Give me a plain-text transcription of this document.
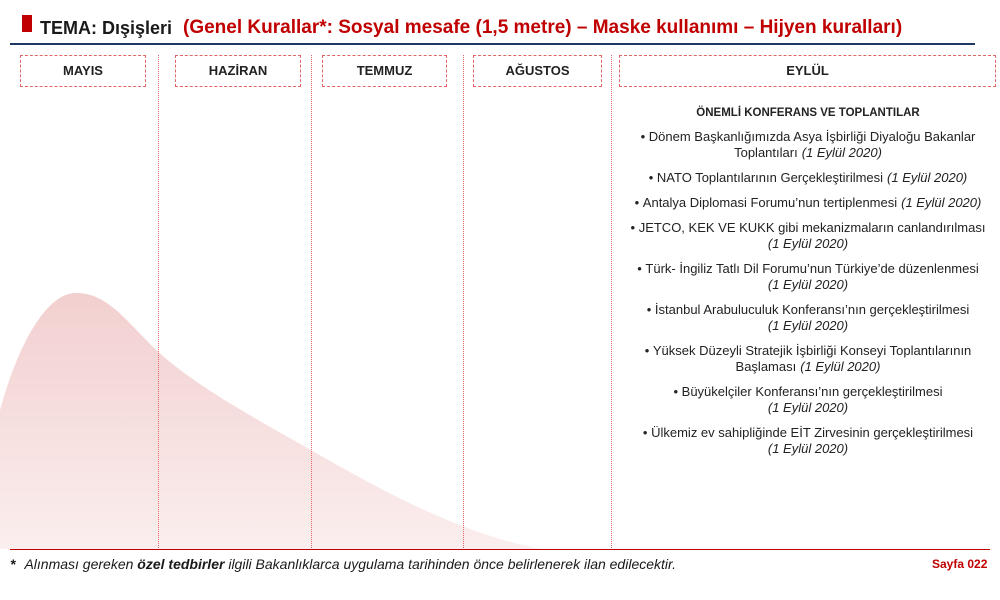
TEMA: Dışişleri (Genel Kurallar*: Sosyal mesafe (1,5 metre) – Maske kullanımı – Hijyen kuralları)
MAYIS	HAZİRAN	TEMMUZ	AĞUSTOS	EYLÜL
ÖNEMLİ KONFERANS VE TOPLANTILAR
• Dönem Başkanlığımızda Asya İşbirliği Diyaloğu Bakanlar
Toplantıları (1 Eylül 2020)
• NATO Toplantılarının Gerçekleştirilmesi (1 Eylül 2020)
• Antalya Diplomasi Forumu’nun tertiplenmesi (1 Eylül 2020)
• JETCO, KEK VE KUKK gibi mekanizmaların canlandırılması
(1 Eylül 2020)
• Türk- İngiliz Tatlı Dil Forumu’nun Türkiye’de düzenlenmesi
(1 Eylül 2020)
• İstanbul Arabuluculuk Konferansı’nın gerçekleştirilmesi
(1 Eylül 2020)
• Yüksek Düzeyli Stratejik İşbirliği Konseyi Toplantılarının
Başlaması (1 Eylül 2020)
• Büyükelçiler Konferansı’nın gerçekleştirilmesi
(1 Eylül 2020)
• Ülkemiz ev sahipliğinde EİT Zirvesinin gerçekleştirilmesi
(1 Eylül 2020)
* Alınması gereken özel tedbirler ilgili Bakanlıklarca uygulama tarihinden önce belirlenerek ilan edilecektir.	Sayfa 022
